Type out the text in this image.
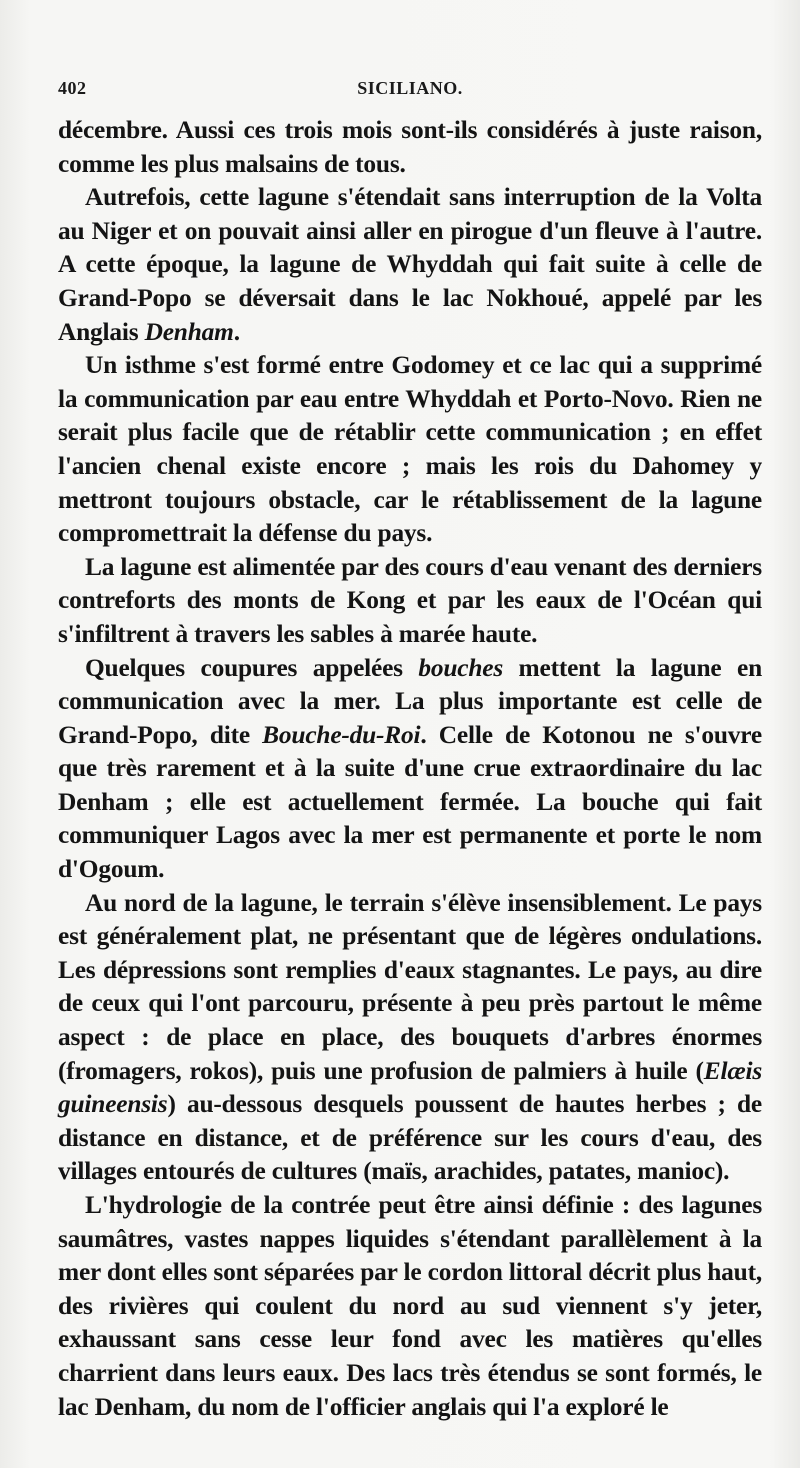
402	SICILIANO.

décembre. Aussi ces trois mois sont-ils considérés à juste raison, comme les plus malsains de tous.

Autrefois, cette lagune s'étendait sans interruption de la Volta au Niger et on pouvait ainsi aller en pirogue d'un fleuve à l'autre. A cette époque, la lagune de Whyddah qui fait suite à celle de Grand-Popo se déversait dans le lac Nokhoué, appelé par les Anglais Denham.

Un isthme s'est formé entre Godomey et ce lac qui a supprimé la communication par eau entre Whyddah et Porto-Novo. Rien ne serait plus facile que de rétablir cette communication ; en effet l'ancien chenal existe encore ; mais les rois du Dahomey y mettront toujours obstacle, car le rétablissement de la lagune compromettrait la défense du pays.

La lagune est alimentée par des cours d'eau venant des derniers contreforts des monts de Kong et par les eaux de l'Océan qui s'infiltrent à travers les sables à marée haute.

Quelques coupures appelées bouches mettent la lagune en communication avec la mer. La plus importante est celle de Grand-Popo, dite Bouche-du-Roi. Celle de Kotonou ne s'ouvre que très rarement et à la suite d'une crue extraordinaire du lac Denham ; elle est actuellement fermée. La bouche qui fait communiquer Lagos avec la mer est permanente et porte le nom d'Ogoum.

Au nord de la lagune, le terrain s'élève insensiblement. Le pays est généralement plat, ne présentant que de légères ondulations. Les dépressions sont remplies d'eaux stagnantes. Le pays, au dire de ceux qui l'ont parcouru, présente à peu près partout le même aspect : de place en place, des bouquets d'arbres énormes (fromagers, rokos), puis une profusion de palmiers à huile (Elæis guineensis) au-dessous desquels poussent de hautes herbes ; de distance en distance, et de préférence sur les cours d'eau, des villages entourés de cultures (maïs, arachides, patates, manioc).

L'hydrologie de la contrée peut être ainsi définie : des lagunes saumâtres, vastes nappes liquides s'étendant parallèlement à la mer dont elles sont séparées par le cordon littoral décrit plus haut, des rivières qui coulent du nord au sud viennent s'y jeter, exhaussant sans cesse leur fond avec les matières qu'elles charrient dans leurs eaux. Des lacs très étendus se sont formés, le lac Denham, du nom de l'officier anglais qui l'a exploré le
